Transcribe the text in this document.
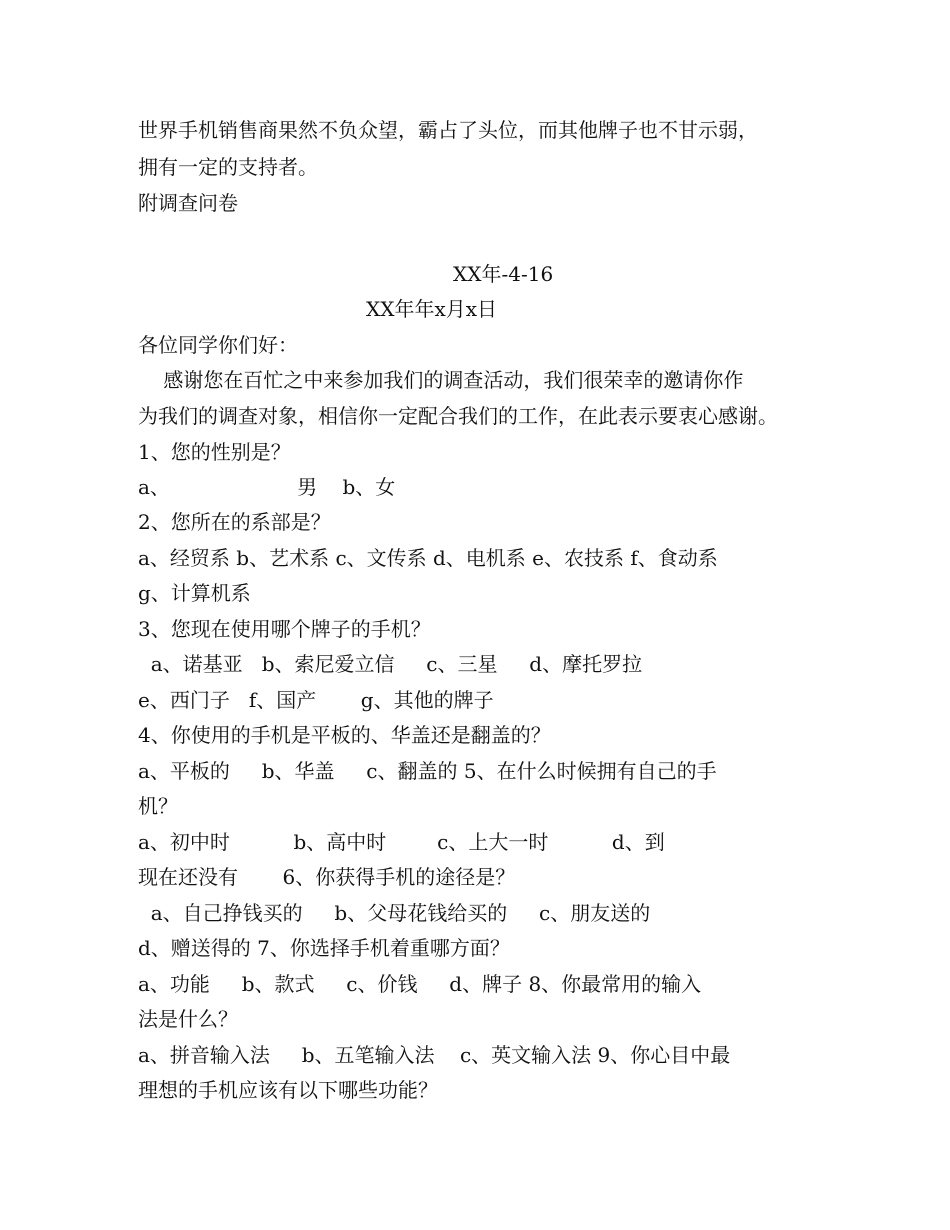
世界手机销售商果然不负众望，霸占了头位，而其他牌子也不甘示弱，
拥有一定的支持者。
附调查问卷
XX年-4-16
XX年年x月x日
各位同学你们好：
感谢您在百忙之中来参加我们的调查活动，我们很荣幸的邀请你作
为我们的调查对象，相信你一定配合我们的工作，在此表示要衷心感谢。
1、您的性别是？
a、                    男    b、女
2、您所在的系部是？
a、经贸系 b、艺术系 c、文传系 d、电机系 e、农技系 f、食动系
g、计算机系
3、您现在使用哪个牌子的手机？
a、诺基亚   b、索尼爱立信     c、三星     d、摩托罗拉
e、西门子   f、国产       g、其他的牌子
4、你使用的手机是平板的、华盖还是翻盖的？
a、平板的     b、华盖     c、翻盖的 5、在什么时候拥有自己的手
机？
a、初中时          b、高中时        c、上大一时          d、到
现在还没有       6、你获得手机的途径是？
a、自己挣钱买的     b、父母花钱给买的     c、朋友送的
d、赠送得的 7、你选择手机着重哪方面？
a、功能     b、款式     c、价钱     d、牌子 8、你最常用的输入
法是什么？
a、拼音输入法     b、五笔输入法    c、英文输入法 9、你心目中最
理想的手机应该有以下哪些功能？
